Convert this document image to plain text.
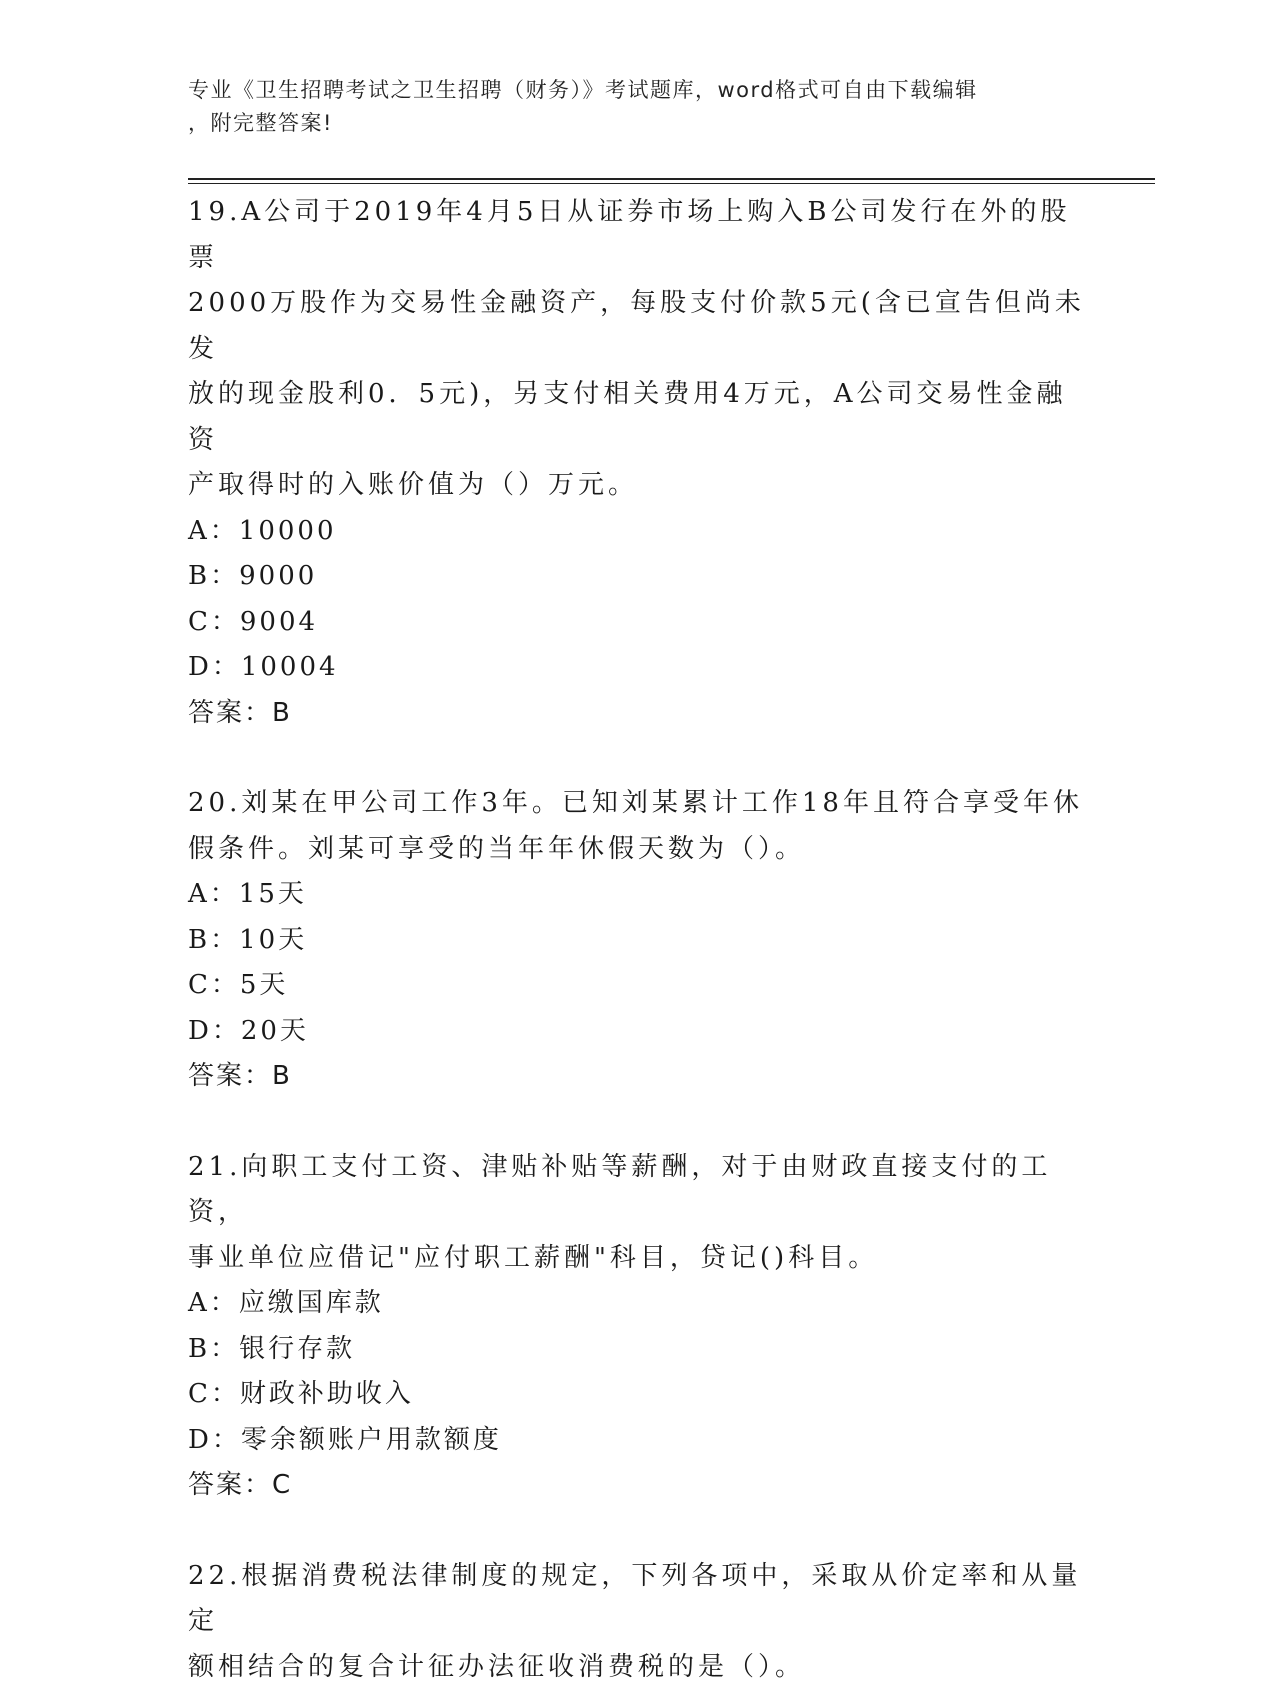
专业《卫生招聘考试之卫生招聘（财务）》考试题库，word格式可自由下载编辑
，附完整答案!

19.A公司于2019年4月5日从证券市场上购入B公司发行在外的股票

2000万股作为交易性金融资产，每股支付价款5元(含已宣告但尚未发

放的现金股利0．5元)，另支付相关费用4万元，A公司交易性金融资

产取得时的入账价值为（）万元。

A：10000

B：9000

C：9004

D：10004

答案：B

20.刘某在甲公司工作3年。已知刘某累计工作18年且符合享受年休

假条件。刘某可享受的当年年休假天数为（）。

A：15天

B：10天

C：5天

D：20天

答案：B

21.向职工支付工资、津贴补贴等薪酬，对于由财政直接支付的工资，

事业单位应借记"应付职工薪酬"科目，贷记()科目。

A：应缴国库款

B：银行存款

C：财政补助收入

D：零余额账户用款额度

答案：C

22.根据消费税法律制度的规定，下列各项中，采取从价定率和从量定

额相结合的复合计征办法征收消费税的是（）。
